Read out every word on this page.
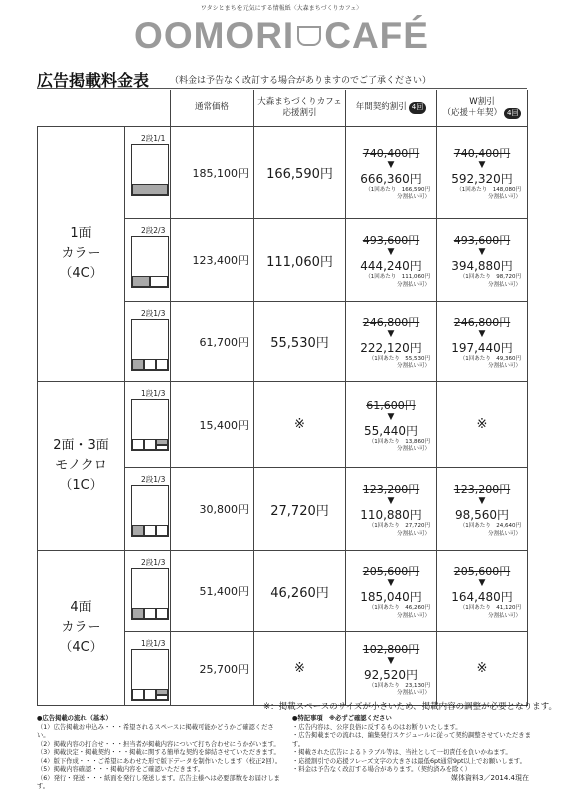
ワタシとまちを元気にする情報紙〈大森まちづくりカフェ〉
OOMORI CAFÉ
広告掲載料金表 （料金は予告なく改訂する場合がありますのでご了承ください）
		通常価格	大森まちづくりカフェ
応援割引	年間契約割引 4回	W割引
（応援＋年契） 4回
1面
カラー
（4C）	2段1/1	185,100円	166,590円	740,400円
▼
666,360円
（1回あたり　166,590円
分割払い可）	740,400円
▼
592,320円
（1回あたり　148,080円
分割払い可）

	2段2/3	123,400円	111,060円	493,600円
▼
444,240円
（1回あたり　111,060円
分割払い可）	493,600円
▼
394,880円
（1回あたり　98,720円
分割払い可）

	2段1/3	61,700円	55,530円	246,800円
▼
222,120円
（1回あたり　55,530円
分割払い可）	246,800円
▼
197,440円
（1回あたり　49,360円
分割払い可）

2面・3面
モノクロ
（1C）	1段1/3	15,400円	※	61,600円
▼
55,440円
（1回あたり　13,860円
分割払い可）	※

	2段1/3	30,800円	27,720円	123,200円
▼
110,880円
（1回あたり　27,720円
分割払い可）	123,200円
▼
98,560円
（1回あたり　24,640円
分割払い可）

4面
カラー
（4C）	2段1/3	51,400円	46,260円	205,600円
▼
185,040円
（1回あたり　46,260円
分割払い可）	205,600円
▼
164,480円
（1回あたり　41,120円
分割払い可）

	1段1/3	25,700円	※	102,800円
▼
92,520円
（1回あたり　23,130円
分割払い可）	※
※：掲載スペースのサイズが小さいため、掲載内容の調整が必要となります。
●広告掲載の流れ（基本）
（1）広告掲載お申込み・・・希望されるスペースに掲載可能かどうかご確認ください。
（2）掲載内容の打合せ・・・担当者が掲載内容について打ち合わせにうかがいます。
（3）掲載決定・掲載契約・・・掲載に関する簡単な契約を締結させていただきます。
（4）版下作成・・・ご希望にあわせた形で版下データを制作いたします（校正2回）。
（5）掲載内容確認・・・掲載内容をご確認いただきます。
（6）発行・発送・・・紙面を発行し発送します。広告主様へは必要部数をお届けします。
●特記事項　※必ずご確認ください
・広告内容は、公序良俗に反するものはお断りいたします。
・広告掲載までの流れは、編集発行スケジュールに従って契約調整させていただきます。
・掲載された広告によるトラブル等は、当社として一切責任を負いかねます。
・応援割引での応援フレーズ文字の大きさは最低6pt通常9pt以上でお願いします。
・料金は予告なく改訂する場合があります。（契約済みを除く）
媒体資料3／2014.4現在
